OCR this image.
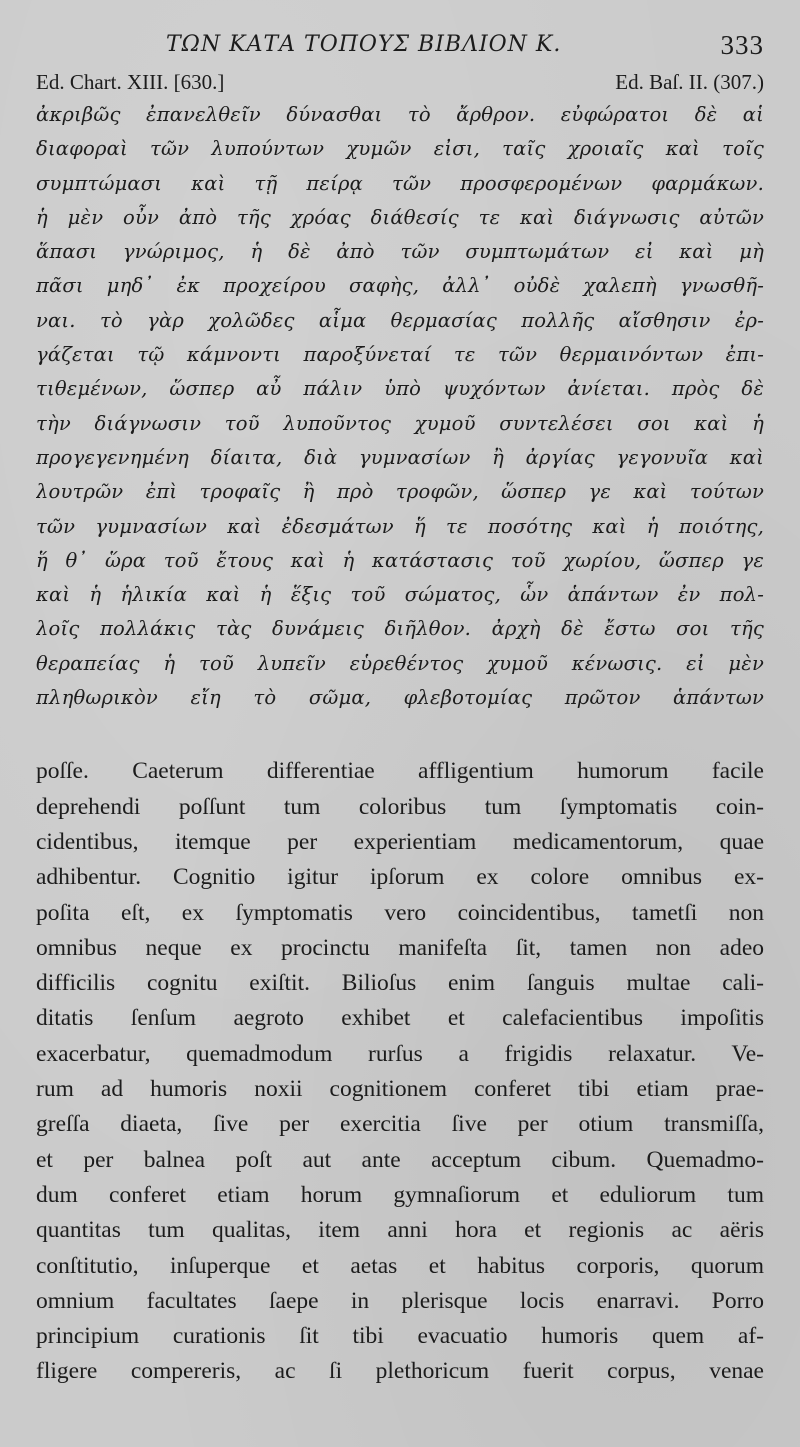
ΤΩΝ ΚΑΤΑ ΤΟΠΟΥΣ ΒΙΒΛΙΟΝ Κ.	333
Ed. Chart. XIII. [630.]	Ed. Baſ. II. (307.)
ἀκριβῶς ἐπανελθεῖν δύνασθαι τὸ ἄρθρον. εὐφώρατοι δὲ αἱ
διαφοραὶ τῶν λυπούντων χυμῶν εἰσι, ταῖς χροιαῖς καὶ τοῖς
συμπτώμασι καὶ τῇ πείρᾳ τῶν προσφερομένων φαρμάκων.
ἡ μὲν οὖν ἀπὸ τῆς χρόας διάθεσίς τε καὶ διάγνωσις αὐτῶν
ἅπασι γνώριμος, ἡ δὲ ἀπὸ τῶν συμπτωμάτων εἰ καὶ μὴ
πᾶσι μηδ᾽ ἐκ προχείρου σαφὴς, ἀλλ᾽ οὐδὲ χαλεπὴ γνωσθῆ-
ναι. τὸ γὰρ χολῶδες αἷμα θερμασίας πολλῆς αἴσθησιν ἐρ-
γάζεται τῷ κάμνοντι παροξύνεταί τε τῶν θερμαινόντων ἐπι-
τιθεμένων, ὥσπερ αὖ πάλιν ὑπὸ ψυχόντων ἀνίεται. πρὸς δὲ
τὴν διάγνωσιν τοῦ λυποῦντος χυμοῦ συντελέσει σοι καὶ ἡ
προγεγενημένη δίαιτα, διὰ γυμνασίων ἢ ἀργίας γεγονυῖα καὶ
λουτρῶν ἐπὶ τροφαῖς ἢ πρὸ τροφῶν, ὥσπερ γε καὶ τούτων
τῶν γυμνασίων καὶ ἐδεσμάτων ἥ τε ποσότης καὶ ἡ ποιότης,
ἥ θ᾽ ὥρα τοῦ ἔτους καὶ ἡ κατάστασις τοῦ χωρίου, ὥσπερ γε
καὶ ἡ ἡλικία καὶ ἡ ἕξις τοῦ σώματος, ὧν ἁπάντων ἐν πολ-
λοῖς πολλάκις τὰς δυνάμεις διῆλθον. ἀρχὴ δὲ ἔστω σοι τῆς
θεραπείας ἡ τοῦ λυπεῖν εὑρεθέντος χυμοῦ κένωσις. εἰ μὲν
πληθωρικὸν εἴη τὸ σῶμα, φλεβοτομίας πρῶτον ἁπάντων
poſſe. Caeterum differentiae affligentium humorum facile
deprehendi poſſunt tum coloribus tum ſymptomatis coin-
cidentibus, itemque per experientiam medicamentorum, quae
adhibentur. Cognitio igitur ipſorum ex colore omnibus ex-
poſita eſt, ex ſymptomatis vero coincidentibus, tametſi non
omnibus neque ex procinctu manifeſta ſit, tamen non adeo
difficilis cognitu exiſtit. Bilioſus enim ſanguis multae cali-
ditatis ſenſum aegroto exhibet et calefacientibus impoſitis
exacerbatur, quemadmodum rurſus a frigidis relaxatur. Ve-
rum ad humoris noxii cognitionem conferet tibi etiam prae-
greſſa diaeta, ſive per exercitia ſive per otium transmiſſa,
et per balnea poſt aut ante acceptum cibum. Quemadmo-
dum conferet etiam horum gymnaſiorum et eduliorum tum
quantitas tum qualitas, item anni hora et regionis ac aëris
conſtitutio, inſuperque et aetas et habitus corporis, quorum
omnium facultates ſaepe in plerisque locis enarravi. Porro
principium curationis ſit tibi evacuatio humoris quem af-
fligere compereris, ac ſi plethoricum fuerit corpus, venae
